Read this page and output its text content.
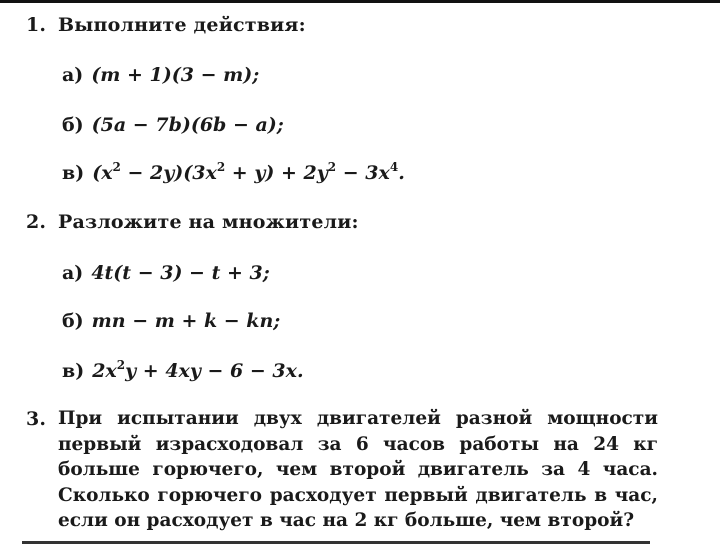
1. Выполните действия:
а) (m + 1)(3 − m);
б) (5a − 7b)(6b − a);
в) $(x^2 - 2y)(3x^2 + y) + 2y^2 - 3x^4$.
2. Разложите на множители:
а) 4t(t − 3) − t + 3;
б) mn − m + k − kn;
в) $2x^2y + 4xy - 6 - 3x$.
3. При испытании двух двигателей разной мощности
первый израсходовал за 6 часов работы на 24 кг
больше горючего, чем второй двигатель за 4 часа.
Сколько горючего расходует первый двигатель в час,
если он расходует в час на 2 кг больше, чем второй?
